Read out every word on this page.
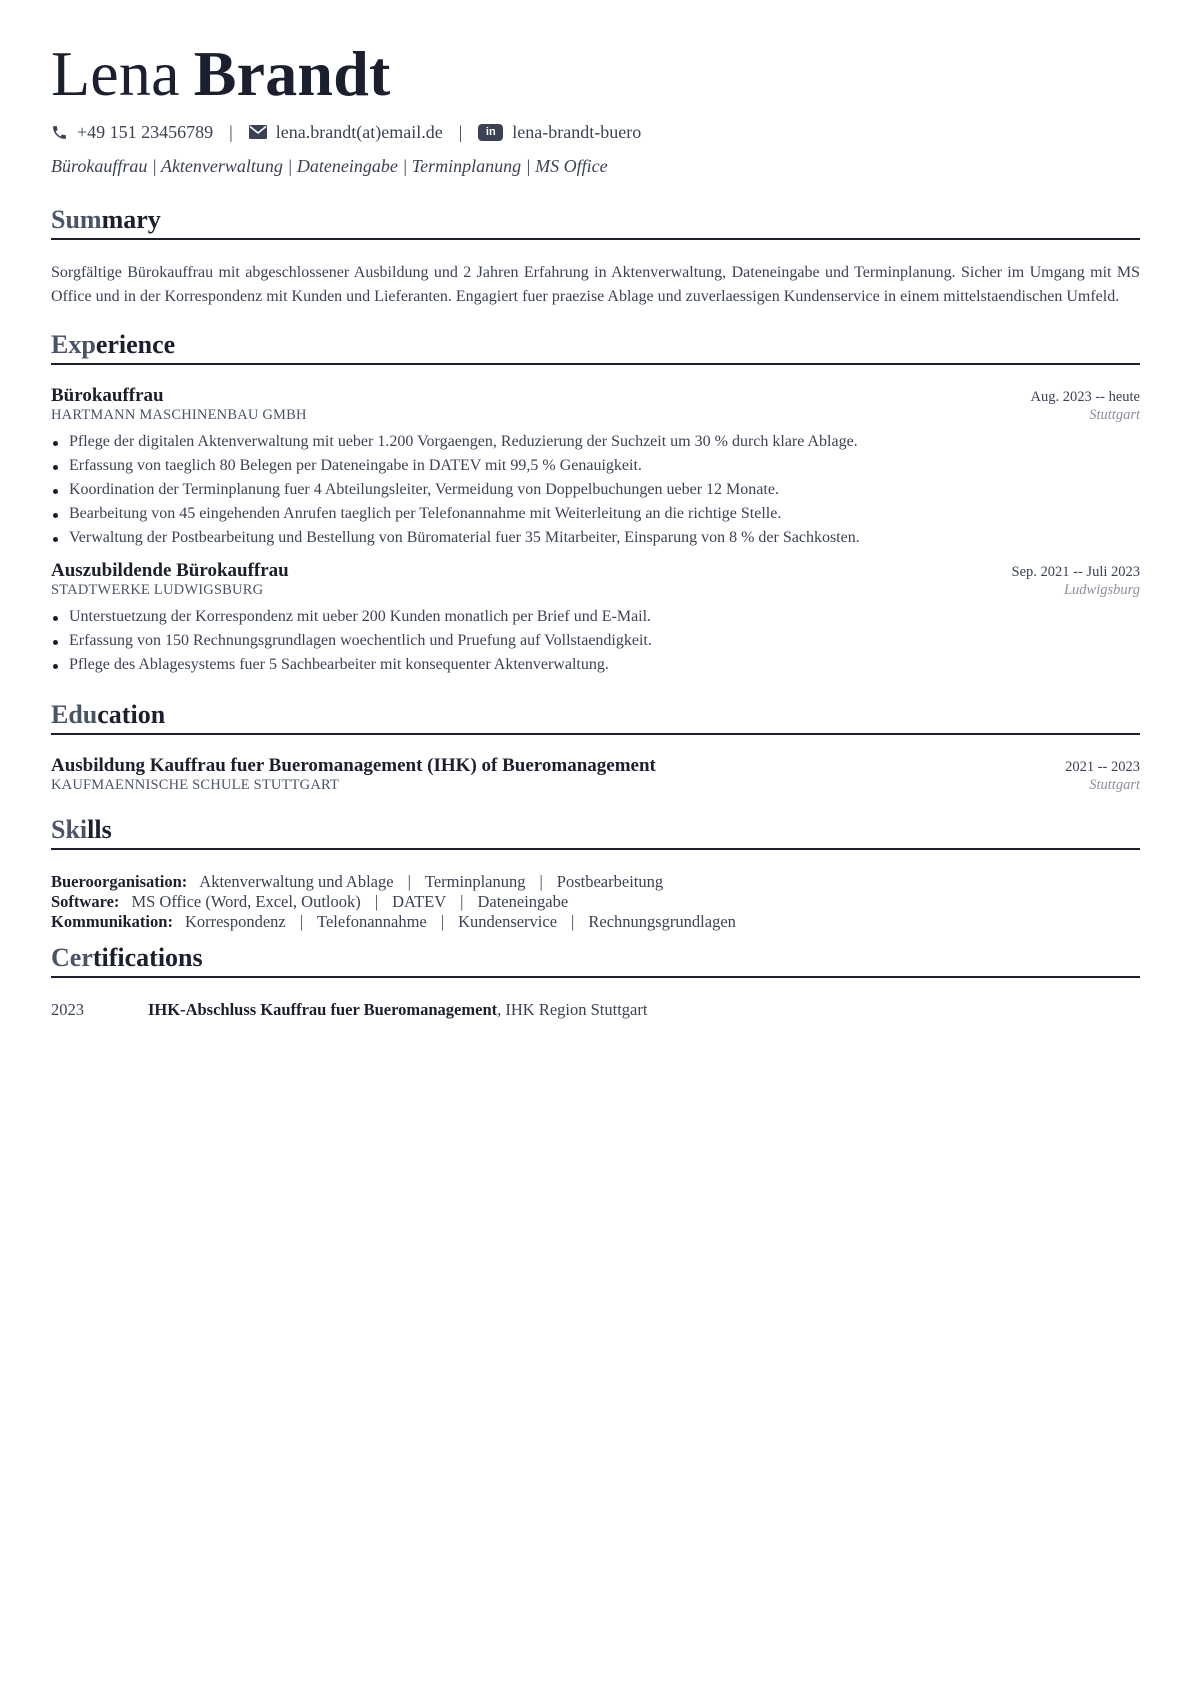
Lena Brandt
+49 151 23456789 | lena.brandt(at)email.de |	in lena-brandt-buero
Bürokauffrau | Aktenverwaltung | Dateneingabe | Terminplanung | MS Office
Summary
Sorgfältige Bürokauffrau mit abgeschlossener Ausbildung und 2 Jahren Erfahrung in Aktenverwaltung, Dateneingabe und Terminplanung. Sicher im Umgang mit MS Office und in der Korrespondenz mit Kunden und Lieferanten. Engagiert fuer praezise Ablage und zuverlaessigen Kundenservice in einem mittelstaendischen Umfeld.
Experience
Bürokauffrau	Aug. 2023 -- heute
HARTMANN MASCHINENBAU GMBH	Stuttgart
Pflege der digitalen Aktenverwaltung mit ueber 1.200 Vorgaengen, Reduzierung der Suchzeit um 30 % durch klare Ablage.
Erfassung von taeglich 80 Belegen per Dateneingabe in DATEV mit 99,5 % Genauigkeit.
Koordination der Terminplanung fuer 4 Abteilungsleiter, Vermeidung von Doppelbuchungen ueber 12 Monate.
Bearbeitung von 45 eingehenden Anrufen taeglich per Telefonannahme mit Weiterleitung an die richtige Stelle.
Verwaltung der Postbearbeitung und Bestellung von Büromaterial fuer 35 Mitarbeiter, Einsparung von 8 % der Sachkosten.
Auszubildende Bürokauffrau	Sep. 2021 -- Juli 2023
STADTWERKE LUDWIGSBURG	Ludwigsburg
Unterstuetzung der Korrespondenz mit ueber 200 Kunden monatlich per Brief und E-Mail.
Erfassung von 150 Rechnungsgrundlagen woechentlich und Pruefung auf Vollstaendigkeit.
Pflege des Ablagesystems fuer 5 Sachbearbeiter mit konsequenter Aktenverwaltung.
Education
Ausbildung Kauffrau fuer Bueromanagement (IHK) of Bueromanagement	2021 -- 2023
KAUFMAENNISCHE SCHULE STUTTGART	Stuttgart
Skills
Bueroorganisation: Aktenverwaltung und Ablage | Terminplanung | Postbearbeitung
Software: MS Office (Word, Excel, Outlook) | DATEV | Dateneingabe
Kommunikation: Korrespondenz | Telefonannahme | Kundenservice | Rechnungsgrundlagen
Certifications
2023	IHK-Abschluss Kauffrau fuer Bueromanagement, IHK Region Stuttgart
